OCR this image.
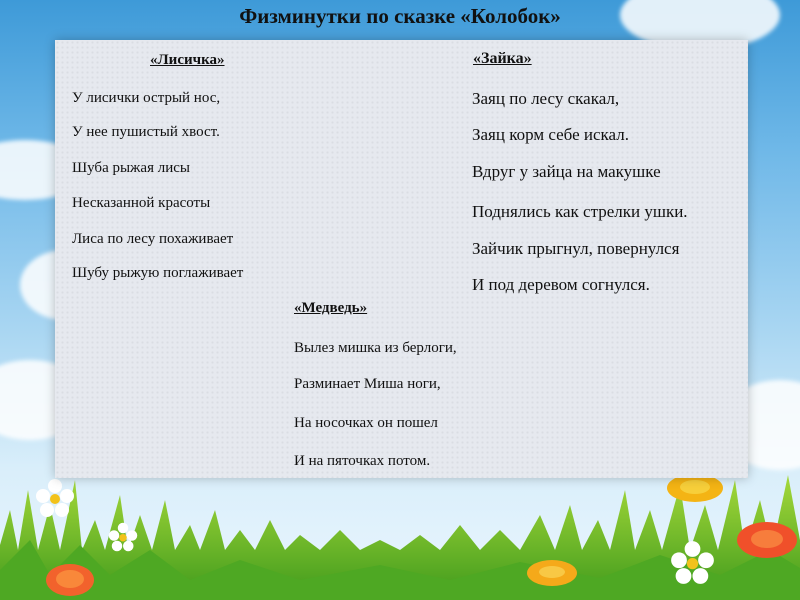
Физминутки по сказке «Колобок»
«Лисичка»
У лисички острый нос,
У нее пушистый хвост.
Шуба рыжая лисы
Несказанной красоты
Лиса по лесу похаживает
Шубу рыжую поглаживает
«Зайка»
Заяц по лесу скакал,
Заяц корм себе искал.
Вдруг у зайца на макушке
Поднялись как стрелки ушки.
Зайчик прыгнул, повернулся
И под деревом согнулся.
«Медведь»
Вылез мишка из берлоги,
Разминает Миша ноги,
На носочках он пошел
И на пяточках потом.
